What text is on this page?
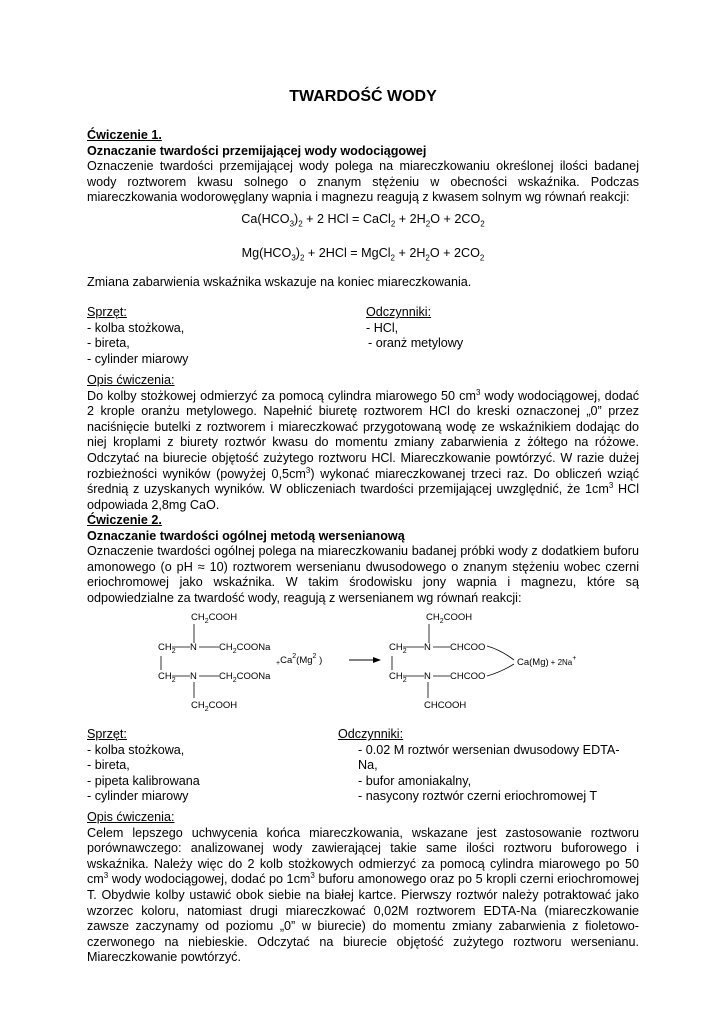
TWARDOŚĆ WODY
Ćwiczenie 1.
Oznaczanie twardości przemijającej wody wodociągowej
Oznaczenie twardości przemijającej wody polega na miareczkowaniu określonej ilości badanej wody roztworem kwasu solnego o znanym stężeniu w obecności wskaźnika. Podczas miareczkowania wodorowęglany wapnia i magnezu reagują z kwasem solnym wg równań reakcji:
$Ca(HCO_3)_2 + 2$ HCl = CaCl$_2$ + $2H_2O + 2CO_2$
$Mg(HCO_3)_2 + 2HCl$ = MgCl$_2$ + $2H_2O + 2CO_2$
Zmiana zabarwienia wskaźnika wskazuje na koniec miareczkowania.
Sprzęt:
- kolba stożkowa,
- bireta,
- cylinder miarowy
Odczynniki:
- HCl,
- oranż metylowy
Opis ćwiczenia:
Do kolby stożkowej odmierzyć za pomocą cylindra miarowego 50 $cm^3$ wody wodociągowej, dodać 2 krople oranżu metylowego. Napełnić biuretę roztworem HCl do kreski oznaczonej „0” przez naciśnięcie butelki z roztworem i miareczkować przygotowaną wodę ze wskaźnikiem dodając do niej kroplami z biurety roztwór kwasu do momentu zmiany zabarwienia z żółtego na różowe. Odczytać na biurecie objętość zużytego roztworu HCl. Miareczkowanie powtórzyć. W razie dużej rozbieżności wyników (powyżej $0,5cm^3$) wykonać miareczkowanej trzeci raz. Do obliczeń wziąć średnią z uzyskanych wyników. W obliczeniach twardości przemijającej uwzględnić, że $1cm^3$ HCl odpowiada 2,8mg CaO.
Ćwiczenie 2.
Oznaczanie twardości ogólnej metodą wersenianową
Oznaczenie twardości ogólnej polega na miareczkowaniu badanej próbki wody z dodatkiem buforu amonowego (o pH ≈ 10) roztworem wersenianu dwusodowego o znanym stężeniu wobec czerni eriochromowej jako wskaźnika. W takim środowisku jony wapnia i magnezu, które są odpowiedzialne za twardość wody, reagują z wersenianem wg równań reakcji:
$CH_2COOH$
$CH_2$ N $CH_2COONa$
$CH_2$ N $CH_2COONa$
$CH_2COOH$
$_+Ca^2(Mg^2$ )
$CH_2COOH$
$CH_2$ N CHCOO
$CH_2$ N CHCOO
CHCOOH
Ca(Mg) + 2Na+
Sprzęt:
- kolba stożkowa,
- bireta,
- pipeta kalibrowana
- cylinder miarowy
Odczynniki:
- 0.02 M roztwór wersenian dwusodowy EDTA-Na,
- bufor amoniakalny,
- nasycony roztwór czerni eriochromowej T
Opis ćwiczenia:
Celem lepszego uchwycenia końca miareczkowania, wskazane jest zastosowanie roztworu porównawczego: analizowanej wody zawierającej takie same ilości roztworu buforowego i wskaźnika. Należy więc do 2 kolb stożkowych odmierzyć za pomocą cylindra miarowego po 50 $cm^3$ wody wodociągowej, dodać po $1cm^3$ buforu amonowego oraz po 5 kropli czerni eriochromowej T. Obydwie kolby ustawić obok siebie na białej kartce. Pierwszy roztwór należy potraktować jako wzorzec koloru, natomiast drugi miareczkować 0,02M roztworem EDTA-Na (miareczkowanie zawsze zaczynamy od poziomu „0” w biurecie) do momentu zmiany zabarwienia z fioletowo-czerwonego na niebieskie. Odczytać na biurecie objętość zużytego roztworu wersenianu. Miareczkowanie powtórzyć.
